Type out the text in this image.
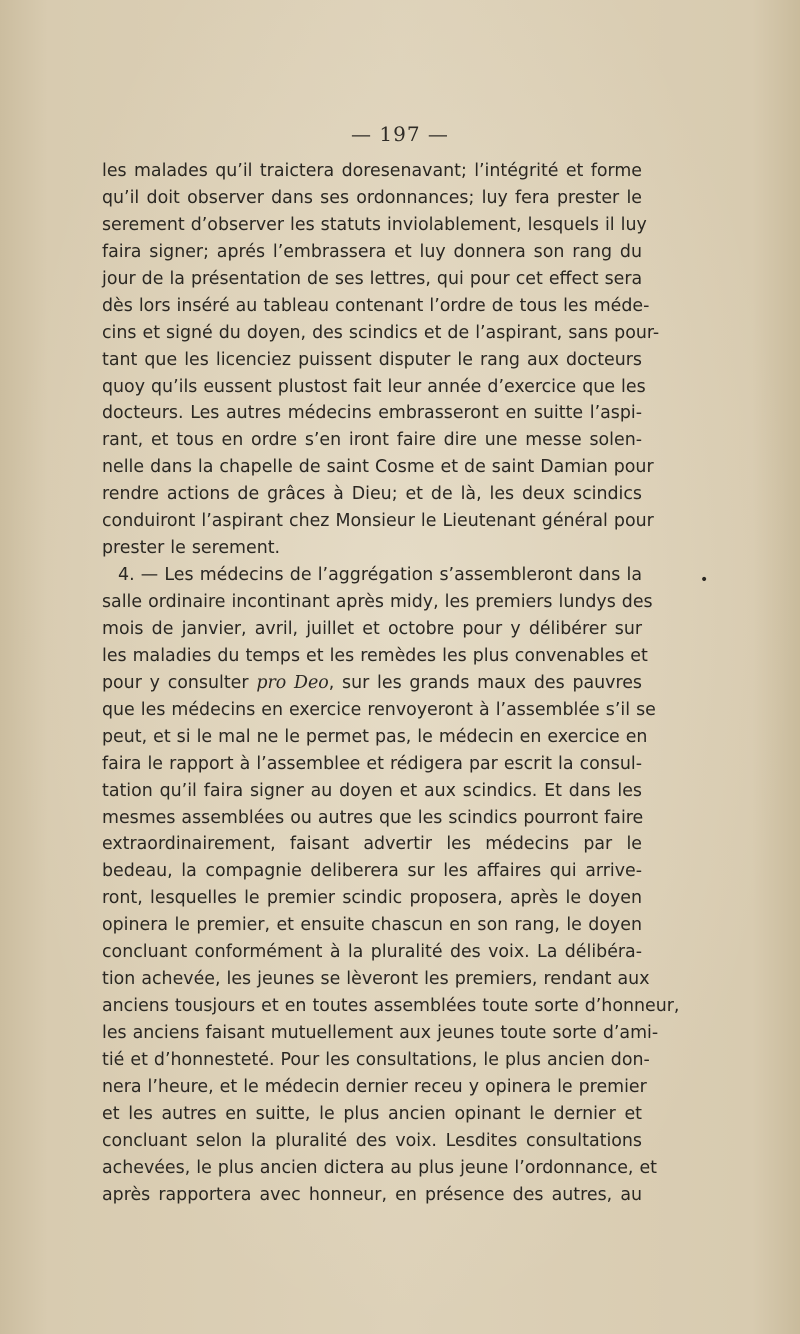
— 197 —
les malades qu’il traictera doresenavant; l’intégrité et forme
qu’il doit observer dans ses ordonnances; luy fera prester le
serement d’observer les statuts inviolablement, lesquels il luy
faira signer; aprés l’embrassera et luy donnera son rang du
jour de la présentation de ses lettres, qui pour cet effect sera
dès lors inséré au tableau contenant l’ordre de tous les méde-
cins et signé du doyen, des scindics et de l’aspirant, sans pour-
tant que les licenciez puissent disputer le rang aux docteurs
quoy qu’ils eussent plustost fait leur année d’exercice que les
docteurs. Les autres médecins embrasseront en suitte l’aspi-
rant, et tous en ordre s’en iront faire dire une messe solen-
nelle dans la chapelle de saint Cosme et de saint Damian pour
rendre actions de grâces à Dieu; et de là, les deux scindics
conduiront l’aspirant chez Monsieur le Lieutenant général pour
prester le serement.
4. — Les médecins de l’aggrégation s’assembleront dans la
salle ordinaire incontinant après midy, les premiers lundys des
mois de janvier, avril, juillet et octobre pour y délibérer sur
les maladies du temps et les remèdes les plus convenables et
pour y consulter pro Deo, sur les grands maux des pauvres
que les médecins en exercice renvoyeront à l’assemblée s’il se
peut, et si le mal ne le permet pas, le médecin en exercice en
faira le rapport à l’assemblee et rédigera par escrit la consul-
tation qu’il faira signer au doyen et aux scindics. Et dans les
mesmes assemblées ou autres que les scindics pourront faire
extraordinairement, faisant advertir les médecins par le
bedeau, la compagnie deliberera sur les affaires qui arrive-
ront, lesquelles le premier scindic proposera, après le doyen
opinera le premier, et ensuite chascun en son rang, le doyen
concluant conformément à la pluralité des voix. La délibéra-
tion achevée, les jeunes se lèveront les premiers, rendant aux
anciens tousjours et en toutes assemblées toute sorte d’honneur,
les anciens faisant mutuellement aux jeunes toute sorte d’ami-
tié et d’honnesteté. Pour les consultations, le plus ancien don-
nera l’heure, et le médecin dernier receu y opinera le premier
et les autres en suitte, le plus ancien opinant le dernier et
concluant selon la pluralité des voix. Lesdites consultations
achevées, le plus ancien dictera au plus jeune l’ordonnance, et
après rapportera avec honneur, en présence des autres, au
•
